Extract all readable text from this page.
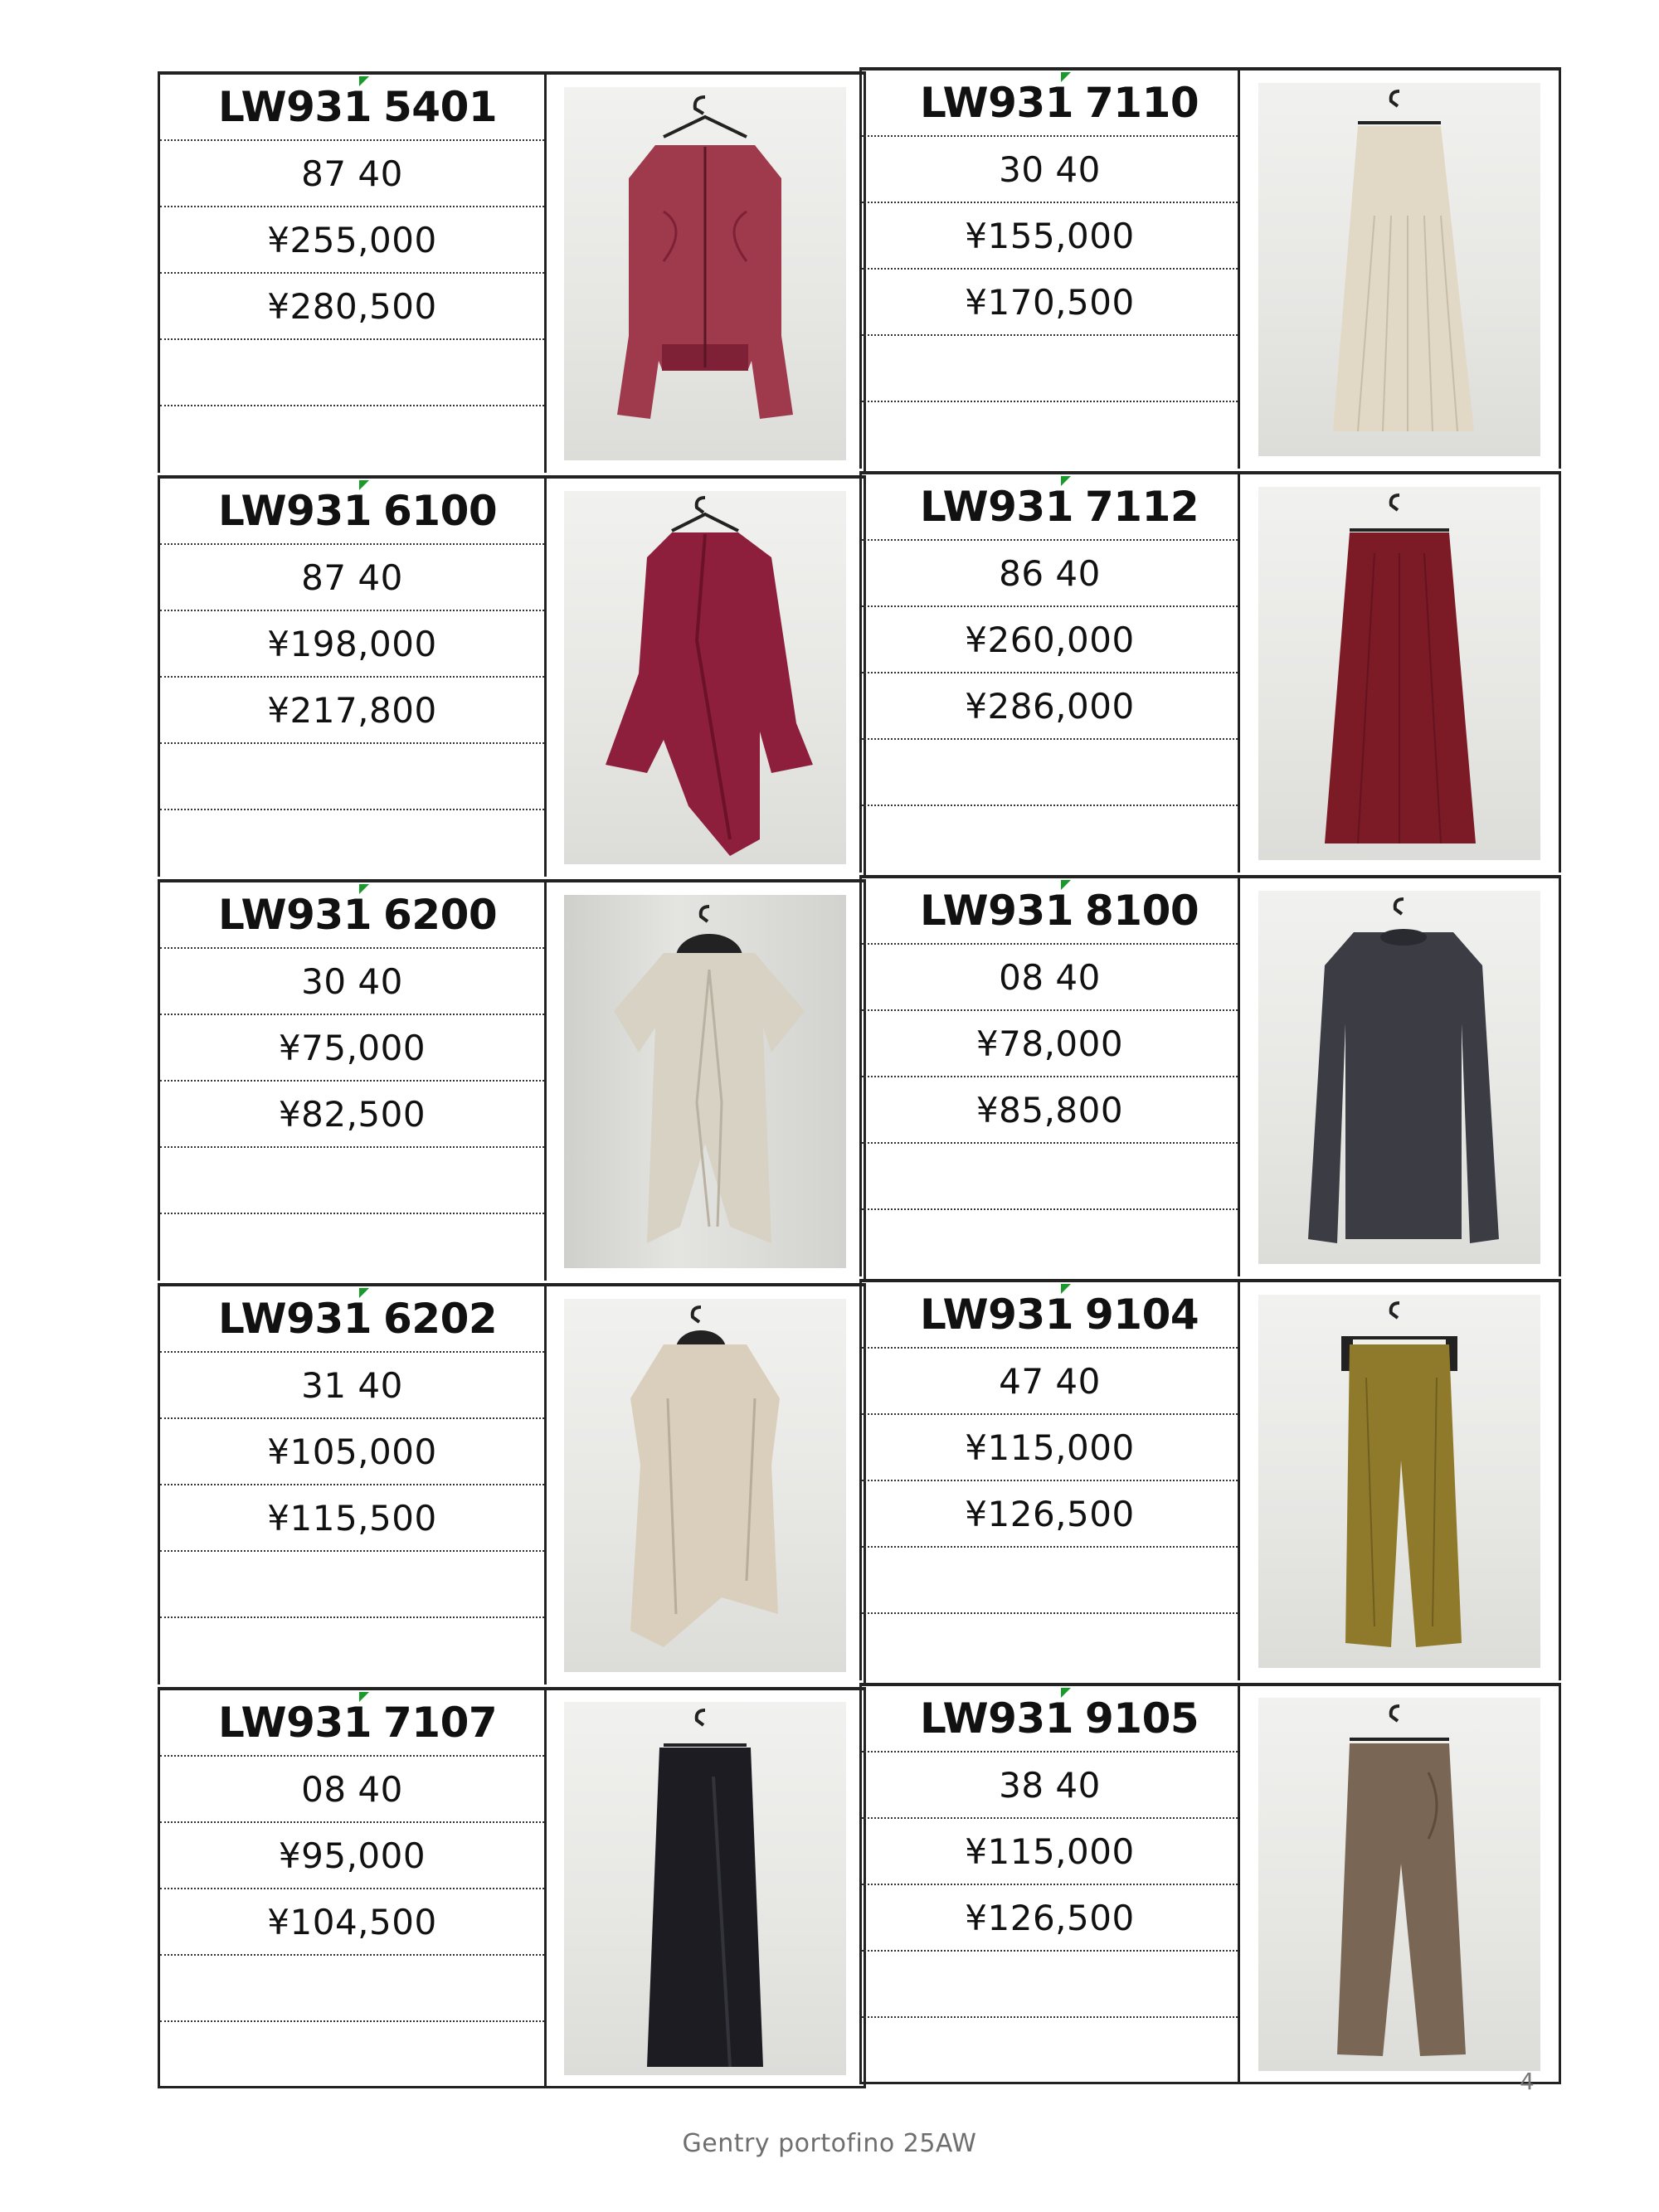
LW931 5401
87 40
¥255,000
¥280,500
LW931 6100
87 40
¥198,000
¥217,800
LW931 6200
30 40
¥75,000
¥82,500
LW931 6202
31 40
¥105,000
¥115,500
LW931 7107
08 40
¥95,000
¥104,500
LW931 7110
30 40
¥155,000
¥170,500
LW931 7112
86 40
¥260,000
¥286,000
LW931 8100
08 40
¥78,000
¥85,800
LW931 9104
47 40
¥115,000
¥126,500
LW931 9105
38 40
¥115,000
¥126,500
4
Gentry portofino 25AW
